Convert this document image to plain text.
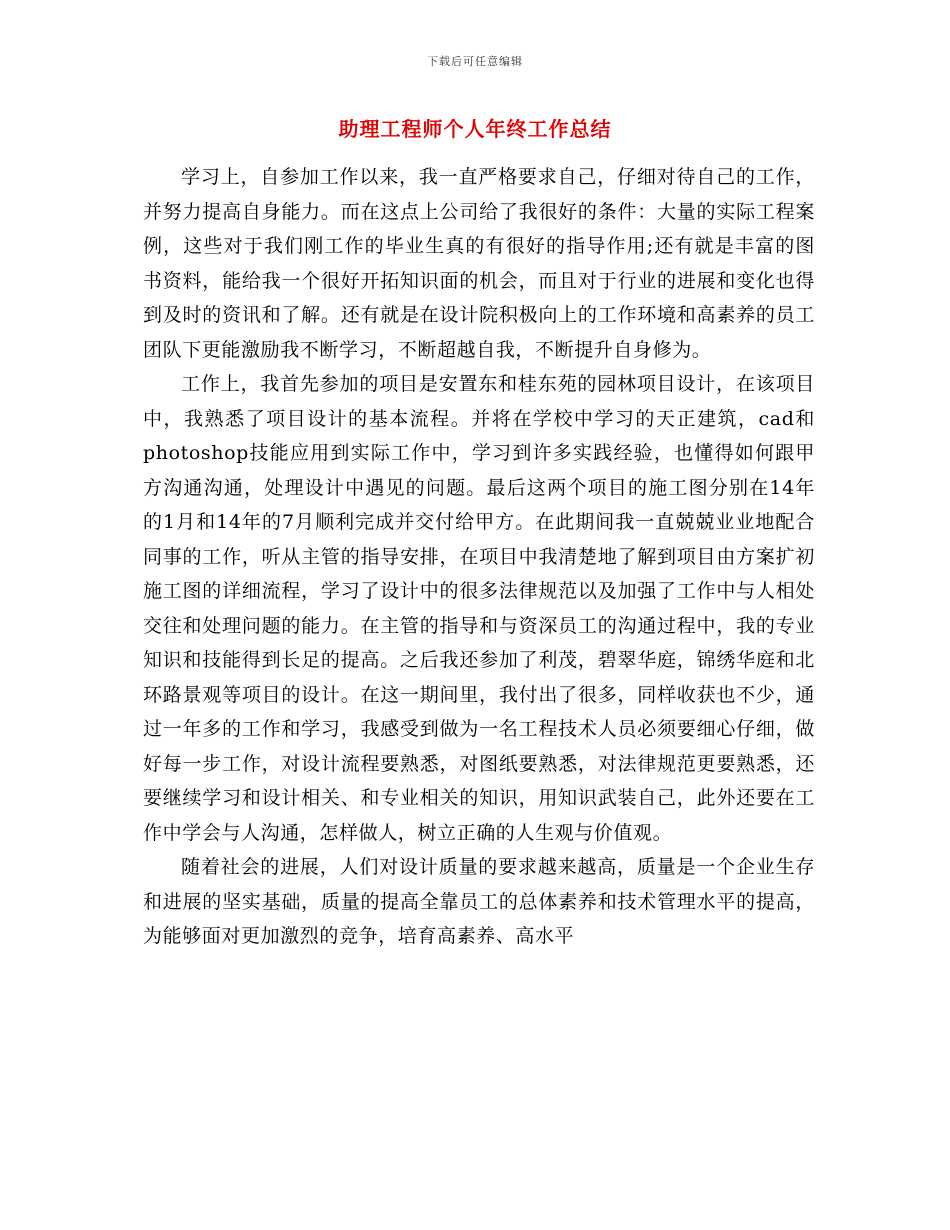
下载后可任意编辑
助理工程师个人年终工作总结

学习上，自参加工作以来，我一直严格要求自己，仔细对待自己的工作，并努力提高自身能力。而在这点上公司给了我很好的条件：大量的实际工程案例，这些对于我们刚工作的毕业生真的有很好的指导作用;还有就是丰富的图书资料，能给我一个很好开拓知识面的机会，而且对于行业的进展和变化也得到及时的资讯和了解。还有就是在设计院积极向上的工作环境和高素养的员工团队下更能激励我不断学习，不断超越自我，不断提升自身修为。

工作上，我首先参加的项目是安置东和桂东苑的园林项目设计，在该项目中，我熟悉了项目设计的基本流程。并将在学校中学习的天正建筑，cad和photoshop技能应用到实际工作中，学习到许多实践经验，也懂得如何跟甲方沟通沟通，处理设计中遇见的问题。最后这两个项目的施工图分别在14年的1月和14年的7月顺利完成并交付给甲方。在此期间我一直兢兢业业地配合同事的工作，听从主管的指导安排，在项目中我清楚地了解到项目由方案扩初施工图的详细流程，学习了设计中的很多法律规范以及加强了工作中与人相处交往和处理问题的能力。在主管的指导和与资深员工的沟通过程中，我的专业知识和技能得到长足的提高。之后我还参加了利茂，碧翠华庭，锦绣华庭和北环路景观等项目的设计。在这一期间里，我付出了很多，同样收获也不少，通过一年多的工作和学习，我感受到做为一名工程技术人员必须要细心仔细，做好每一步工作，对设计流程要熟悉，对图纸要熟悉，对法律规范更要熟悉，还要继续学习和设计相关、和专业相关的知识，用知识武装自己，此外还要在工作中学会与人沟通，怎样做人，树立正确的人生观与价值观。

随着社会的进展，人们对设计质量的要求越来越高，质量是一个企业生存和进展的坚实基础，质量的提高全靠员工的总体素养和技术管理水平的提高，为能够面对更加激烈的竞争，培育高素养、高水平
